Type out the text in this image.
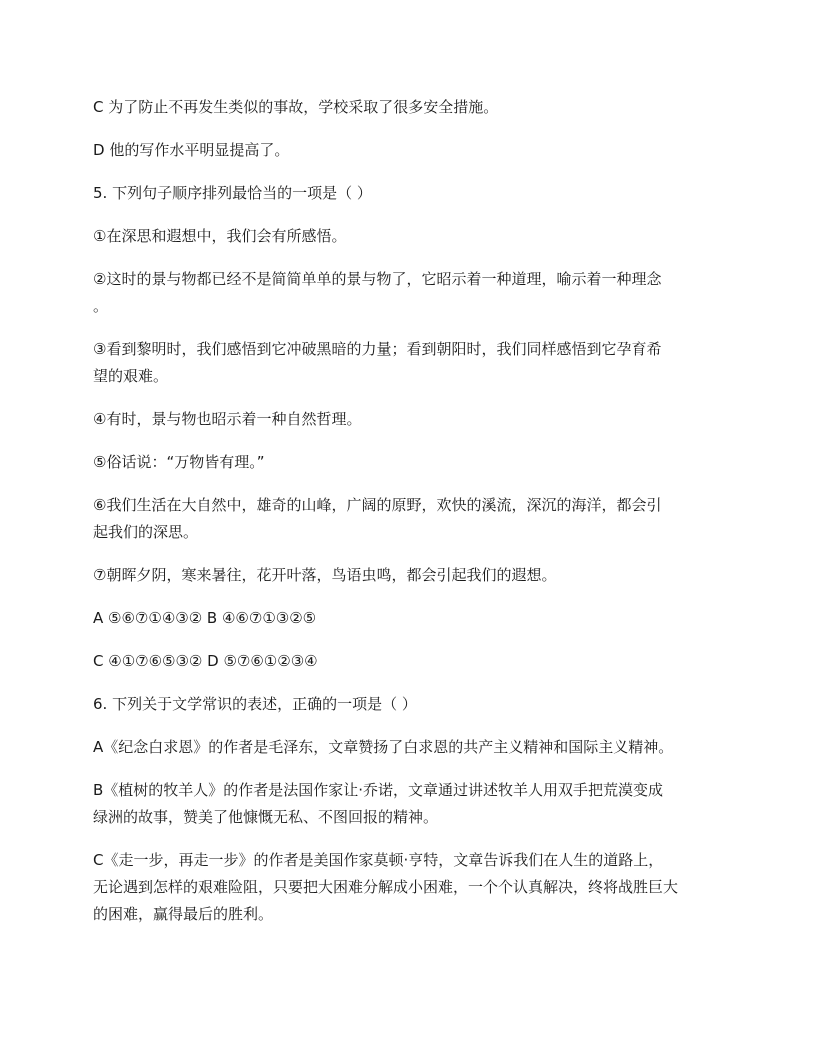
C 为了防止不再发生类似的事故，学校采取了很多安全措施。

D 他的写作水平明显提高了。

5. 下列句子顺序排列最恰当的一项是（ ）

①在深思和遐想中，我们会有所感悟。

②这时的景与物都已经不是简简单单的景与物了，它昭示着一种道理，喻示着一种理念
。

③看到黎明时，我们感悟到它冲破黑暗的力量；看到朝阳时，我们同样感悟到它孕育希
望的艰难。

④有时，景与物也昭示着一种自然哲理。

⑤俗话说：“万物皆有理。”

⑥我们生活在大自然中，雄奇的山峰，广阔的原野，欢快的溪流，深沉的海洋，都会引
起我们的深思。

⑦朝晖夕阴，寒来暑往，花开叶落，鸟语虫鸣，都会引起我们的遐想。

A ⑤⑥⑦①④③② B ④⑥⑦①③②⑤

C ④①⑦⑥⑤③② D ⑤⑦⑥①②③④

6. 下列关于文学常识的表述，正确的一项是（ ）

A《纪念白求恩》的作者是毛泽东，文章赞扬了白求恩的共产主义精神和国际主义精神。

B《植树的牧羊人》的作者是法国作家让·乔诺，文章通过讲述牧羊人用双手把荒漠变成
绿洲的故事，赞美了他慷慨无私、不图回报的精神。

C《走一步，再走一步》的作者是美国作家莫顿·亨特，文章告诉我们在人生的道路上，
无论遇到怎样的艰难险阻，只要把大困难分解成小困难，一个个认真解决，终将战胜巨大
的困难，赢得最后的胜利。
